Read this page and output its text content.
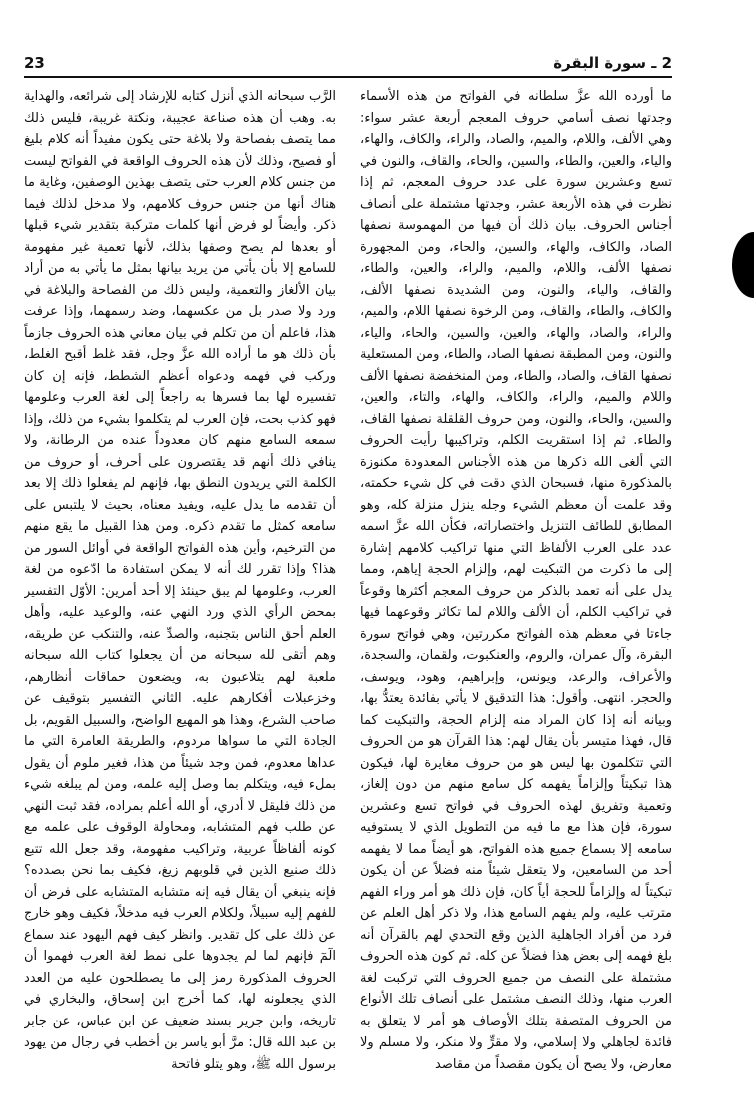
23	2 ـ سورة البقرة

ما أورده الله عزَّ سلطانه في الفواتح من هذه الأسماء وجدتها نصف أسامي حروف المعجم أربعة عشر سواء: وهي الألف، واللام، والميم، والصاد، والراء، والكاف، والهاء، والياء، والعين، والطاء، والسين، والحاء، والقاف، والنون في تسع وعشرين سورة على عدد حروف المعجم، ثم إذا نظرت في هذه الأربعة عشر، وجدتها مشتملة على أنصاف أجناس الحروف. بيان ذلك أن فيها من المهموسة نصفها الصاد، والكاف، والهاء، والسين، والحاء، ومن المجهورة نصفها الألف، واللام، والميم، والراء، والعين، والطاء، والقاف، والياء، والنون، ومن الشديدة نصفها الألف، والكاف، والطاء، والقاف، ومن الرخوة نصفها اللام، والميم، والراء، والصاد، والهاء، والعين، والسين، والحاء، والياء، والنون، ومن المطبقة نصفها الصاد، والطاء، ومن المستعلية نصفها القاف، والصاد، والطاء، ومن المنخفضة نصفها الألف واللام والميم، والراء، والكاف، والهاء، والتاء، والعين، والسين، والحاء، والنون، ومن حروف القلقلة نصفها القاف، والطاء. ثم إذا استقريت الكلم، وتراكيبها رأيت الحروف التي ألغى الله ذكرها من هذه الأجناس المعدودة مكنوزة بالمذكورة منها، فسبحان الذي دقت في كل شيء حكمته، وقد علمت أن معظم الشيء وجله ينزل منزلة كله، وهو المطابق للطائف التنزيل واختصاراته، فكأن الله عزَّ اسمه عدد على العرب الألفاظ التي منها تراكيب كلامهم إشارة إلى ما ذكرت من التبكيت لهم، وإلزام الحجة إياهم، ومما يدل على أنه تعمد بالذكر من حروف المعجم أكثرها وقوعاً في تراكيب الكلم، أن الألف واللام لما تكاثر وقوعهما فيها جاءتا في معظم هذه الفواتح مكررتين، وهي فواتح سورة البقرة، وآل عمران، والروم، والعنكبوت، ولقمان، والسجدة، والأعراف، والرعد، ويونس، وإبراهيم، وهود، ويوسف، والحجر. انتهى. وأقول: هذا التدقيق لا يأتي بفائدة يعتدُّ بها، وبيانه أنه إذا كان المراد منه إلزام الحجة، والتبكيت كما قال، فهذا متيسر بأن يقال لهم: هذا القرآن هو من الحروف التي تتكلمون بها ليس هو من حروف مغايرة لها، فيكون هذا تبكيتاً وإلزاماً يفهمه كل سامع منهم من دون إلغاز، وتعمية وتفريق لهذه الحروف في فواتح تسع وعشرين سورة، فإن هذا مع ما فيه من التطويل الذي لا يستوفيه سامعه إلا بسماع جميع هذه الفواتح، هو أيضاً مما لا يفهمه أحد من السامعين، ولا يتعقل شيئاً منه فضلاً عن أن يكون تبكيتاً له وإلزاماً للحجة أياً كان، فإن ذلك هو أمر وراء الفهم مترتب عليه، ولم يفهم السامع هذا، ولا ذكر أهل العلم عن فرد من أفراد الجاهلية الذين وقع التحدي لهم بالقرآن أنه بلغ فهمه إلى بعض هذا فضلاً عن كله. ثم كون هذه الحروف مشتملة على النصف من جميع الحروف التي تركبت لغة العرب منها، وذلك النصف مشتمل على أنصاف تلك الأنواع من الحروف المتصفة بتلك الأوصاف هو أمر لا يتعلق به فائدة لجاهلي ولا إسلامي، ولا مقرٍّ ولا منكر، ولا مسلم ولا معارض، ولا يصح أن يكون مقصداً من مقاصد

الرَّب سبحانه الذي أنزل كتابه للإرشاد إلى شرائعه، والهداية به. وهب أن هذه صناعة عجيبة، ونكتة غريبة، فليس ذلك مما يتصف بفصاحة ولا بلاغة حتى يكون مفيداً أنه كلام بليغ أو فصيح، وذلك لأن هذه الحروف الواقعة في الفواتح ليست من جنس كلام العرب حتى يتصف بهذين الوصفين، وغاية ما هناك أنها من جنس حروف كلامهم، ولا مدخل لذلك فيما ذكر. وأيضاً لو فرض أنها كلمات متركبة بتقدير شيء قبلها أو بعدها لم يصح وصفها بذلك، لأنها تعمية غير مفهومة للسامع إلا بأن يأتي من يريد بيانها بمثل ما يأتي به من أراد بيان الألغاز والتعمية، وليس ذلك من الفصاحة والبلاغة في ورد ولا صدر بل من عكسهما، وضد رسمهما، وإذا عرفت هذا، فاعلم أن من تكلم في بيان معاني هذه الحروف جازماً بأن ذلك هو ما أراده الله عزَّ وجل، فقد غلط أقبح الغلط، وركب في فهمه ودعواه أعظم الشطط، فإنه إن كان تفسيره لها بما فسرها به راجعاً إلى لغة العرب وعلومها فهو كذب بحت، فإن العرب لم يتكلموا بشيء من ذلك، وإذا سمعه السامع منهم كان معدوداً عنده من الرطانة، ولا ينافي ذلك أنهم قد يقتصرون على أحرف، أو حروف من الكلمة التي يريدون النطق بها، فإنهم لم يفعلوا ذلك إلا بعد أن تقدمه ما يدل عليه، ويفيد معناه، بحيث لا يلتبس على سامعه كمثل ما تقدم ذكره. ومن هذا القبيل ما يقع منهم من الترخيم، وأين هذه الفواتح الواقعة في أوائل السور من هذا؟ وإذا تقرر لك أنه لا يمكن استفادة ما ادّعوه من لغة العرب، وعلومها لم يبق حينئذ إلا أحد أمرين: الأوّل التفسير بمحض الرأي الذي ورد النهي عنه، والوعيد عليه، وأهل العلم أحق الناس بتجنبه، والصدِّ عنه، والتنكب عن طريقه، وهم أتقى لله سبحانه من أن يجعلوا كتاب الله سبحانه ملعبة لهم يتلاعبون به، ويضعون حماقات أنظارهم، وخزعبلات أفكارهم عليه. الثاني التفسير بتوقيف عن صاحب الشرع، وهذا هو المهيع الواضح، والسبيل القويم، بل الجادة التي ما سواها مردوم، والطريقة العامرة التي ما عداها معدوم، فمن وجد شيئاً من هذا، فغير ملوم أن يقول بملء فيه، ويتكلم بما وصل إليه علمه، ومن لم يبلغه شيء من ذلك فليقل لا أدري، أو الله أعلم بمراده، فقد ثبت النهي عن طلب فهم المتشابه، ومحاولة الوقوف على علمه مع كونه ألفاظاً عربية، وتراكيب مفهومة، وقد جعل الله تتبع ذلك صنيع الذين في قلوبهم زيغ، فكيف بما نحن بصدده؟ فإنه ينبغي أن يقال فيه إنه متشابه المتشابه على فرض أن للفهم إليه سبيلاً، ولكلام العرب فيه مدخلاً، فكيف وهو خارج عن ذلك على كل تقدير. وانظر كيف فهم اليهود عند سماع الٓمٓ فإنهم لما لم يجدوها على نمط لغة العرب فهموا أن الحروف المذكورة رمز إلى ما يصطلحون عليه من العدد الذي يجعلونه لها، كما أخرج ابن إسحاق، والبخاري في تاريخه، وابن جرير بسند ضعيف عن ابن عباس، عن جابر بن عبد الله قال: مرَّ أبو ياسر بن أخطب في رجال من يهود برسول الله ﷺ، وهو يتلو فاتحة
